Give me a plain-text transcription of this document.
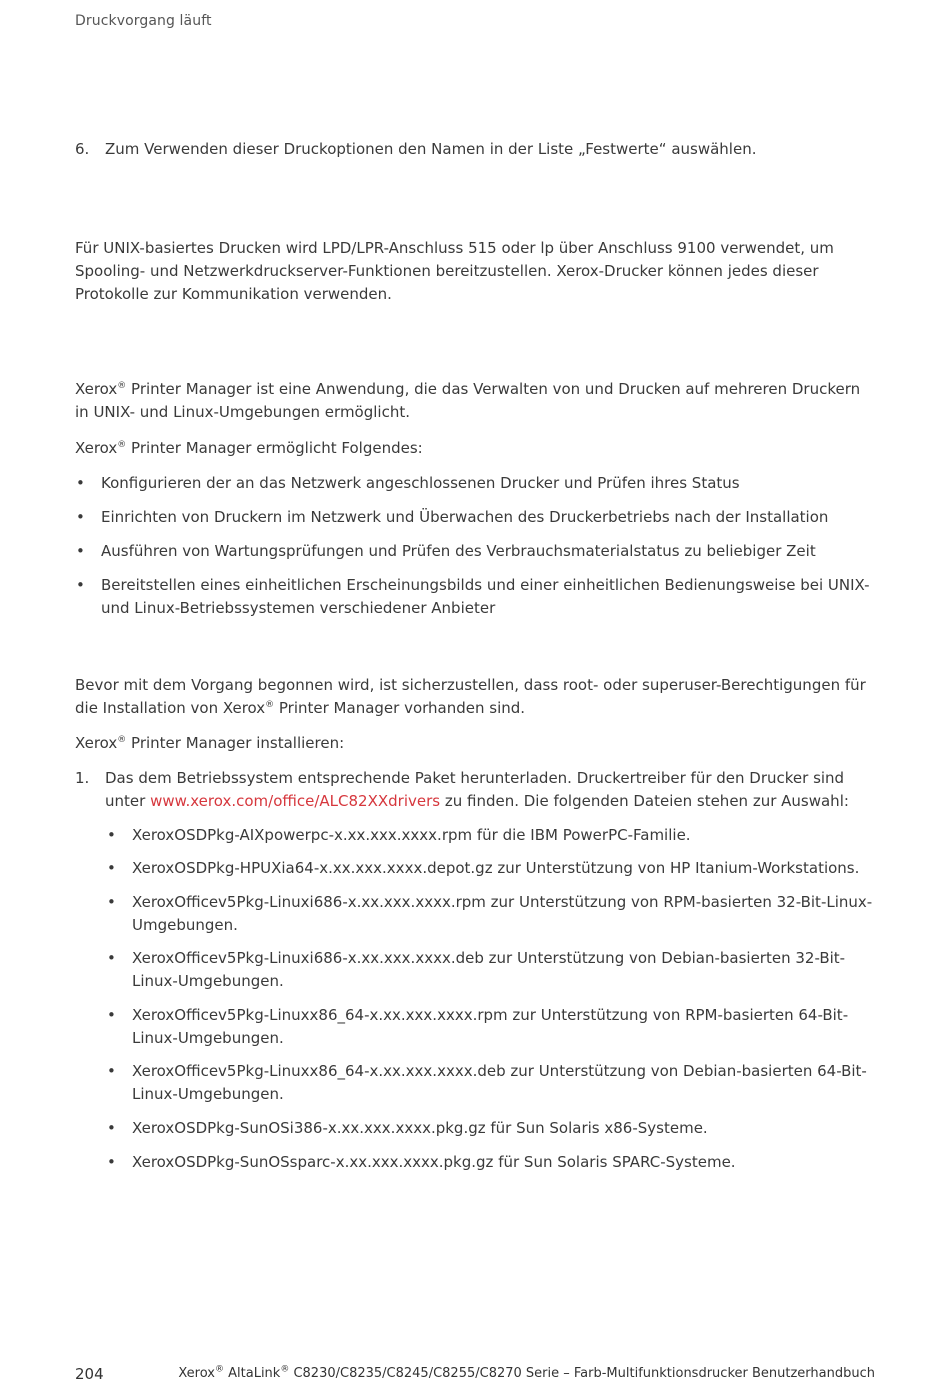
Druckvorgang läuft
6. Zum Verwenden dieser Druckoptionen den Namen in der Liste „Festwerte“ auswählen.

Für UNIX-basiertes Drucken wird LPD/LPR-Anschluss 515 oder lp über Anschluss 9100 verwendet, um Spooling- und Netzwerkdruckserver-Funktionen bereitzustellen. Xerox-Drucker können jedes dieser Protokolle zur Kommunikation verwenden.

Xerox® Printer Manager ist eine Anwendung, die das Verwalten von und Drucken auf mehreren Druckern in UNIX- und Linux-Umgebungen ermöglicht.

Xerox® Printer Manager ermöglicht Folgendes:

• Konfigurieren der an das Netzwerk angeschlossenen Drucker und Prüfen ihres Status
• Einrichten von Druckern im Netzwerk und Überwachen des Druckerbetriebs nach der Installation
• Ausführen von Wartungsprüfungen und Prüfen des Verbrauchsmaterialstatus zu beliebiger Zeit
• Bereitstellen eines einheitlichen Erscheinungsbilds und einer einheitlichen Bedienungsweise bei UNIX- und Linux-Betriebssystemen verschiedener Anbieter

Bevor mit dem Vorgang begonnen wird, ist sicherzustellen, dass root- oder superuser-Berechtigungen für die Installation von Xerox® Printer Manager vorhanden sind.

Xerox® Printer Manager installieren:

1. Das dem Betriebssystem entsprechende Paket herunterladen. Druckertreiber für den Drucker sind unter www.xerox.com/office/ALC82XXdrivers zu finden. Die folgenden Dateien stehen zur Auswahl:
• XeroxOSDPkg-AIXpowerpc-x.xx.xxx.xxxx.rpm für die IBM PowerPC-Familie.
• XeroxOSDPkg-HPUXia64-x.xx.xxx.xxxx.depot.gz zur Unterstützung von HP Itanium-Workstations.
• XeroxOfficev5Pkg-Linuxi686-x.xx.xxx.xxxx.rpm zur Unterstützung von RPM-basierten 32-Bit-Linux-Umgebungen.
• XeroxOfficev5Pkg-Linuxi686-x.xx.xxx.xxxx.deb zur Unterstützung von Debian-basierten 32-Bit-Linux-Umgebungen.
• XeroxOfficev5Pkg-Linuxx86_64-x.xx.xxx.xxxx.rpm zur Unterstützung von RPM-basierten 64-Bit-Linux-Umgebungen.
• XeroxOfficev5Pkg-Linuxx86_64-x.xx.xxx.xxxx.deb zur Unterstützung von Debian-basierten 64-Bit-Linux-Umgebungen.
• XeroxOSDPkg-SunOSi386-x.xx.xxx.xxxx.pkg.gz für Sun Solaris x86-Systeme.
• XeroxOSDPkg-SunOSsparc-x.xx.xxx.xxxx.pkg.gz für Sun Solaris SPARC-Systeme.
204	Xerox® AltaLink® C8230/C8235/C8245/C8255/C8270 Serie – Farb-Multifunktionsdrucker Benutzerhandbuch
